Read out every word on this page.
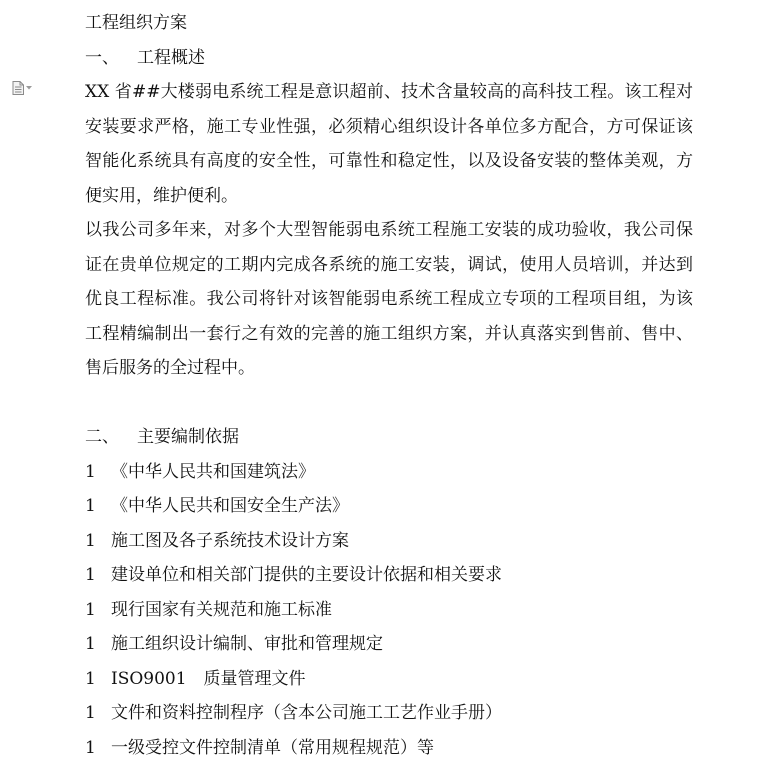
工程组织方案
一、 工程概述
XX 省##大楼弱电系统工程是意识超前、技术含量较高的高科技工程。该工程对
安装要求严格，施工专业性强，必须精心组织设计各单位多方配合，方可保证该
智能化系统具有高度的安全性，可靠性和稳定性，以及设备安装的整体美观，方
便实用，维护便利。
以我公司多年来，对多个大型智能弱电系统工程施工安装的成功验收，我公司保
证在贵单位规定的工期内完成各系统的施工安装，调试，使用人员培训，并达到
优良工程标准。我公司将针对该智能弱电系统工程成立专项的工程项目组，为该
工程精编制出一套行之有效的完善的施工组织方案，并认真落实到售前、售中、
售后服务的全过程中。
二、 主要编制依据
1 《中华人民共和国建筑法》
1 《中华人民共和国安全生产法》
1 施工图及各子系统技术设计方案
1 建设单位和相关部门提供的主要设计依据和相关要求
1 现行国家有关规范和施工标准
1 施工组织设计编制、审批和管理规定
1 ISO9001　质量管理文件
1 文件和资料控制程序（含本公司施工工艺作业手册）
1 一级受控文件控制清单（常用规程规范）等
